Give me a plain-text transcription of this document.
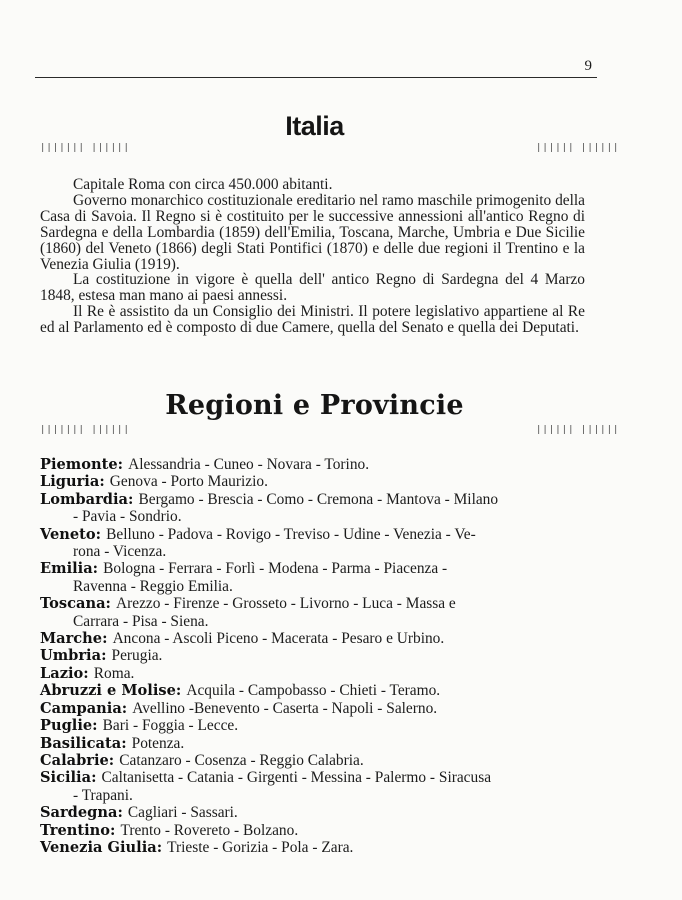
9
Italia
||||||| ||||||	|||||| ||||||

Capitale Roma con circa 450.000 abitanti.

Governo monarchico costituzionale ereditario nel ramo maschile primogenito della Casa di Savoia. Il Regno si è costituito per le successive annessioni all'antico Regno di Sardegna e della Lombardia (1859) dell'Emilia, Toscana, Marche, Umbria e Due Sicilie (1860) del Veneto (1866) degli Stati Pontifici (1870) e delle due regioni il Trentino e la Venezia Giulia (1919).

La costituzione in vigore è quella dell' antico Regno di Sardegna del 4 Marzo 1848, estesa man mano ai paesi annessi.

Il Re è assistito da un Consiglio dei Ministri. Il potere legislativo appartiene al Re ed al Parlamento ed è composto di due Camere, quella del Senato e quella dei Deputati.

Regioni e Provincie
||||||| ||||||	|||||| ||||||
Piemonte: Alessandria - Cuneo - Novara - Torino.
Liguria: Genova - Porto Maurizio.
Lombardia: Bergamo - Brescia - Como - Cremona - Mantova - Milano
- Pavia - Sondrio.
Veneto: Belluno - Padova - Rovigo - Treviso - Udine - Venezia - Ve-
rona - Vicenza.
Emilia: Bologna - Ferrara - Forlì - Modena - Parma - Piacenza -
Ravenna - Reggio Emilia.
Toscana: Arezzo - Firenze - Grosseto - Livorno - Luca - Massa e
Carrara - Pisa - Siena.
Marche: Ancona - Ascoli Piceno - Macerata - Pesaro e Urbino.
Umbria: Perugia.
Lazio: Roma.
Abruzzi e Molise: Acquila - Campobasso - Chieti - Teramo.
Campania: Avellino -Benevento - Caserta - Napoli - Salerno.
Puglie: Bari - Foggia - Lecce.
Basilicata: Potenza.
Calabrie: Catanzaro - Cosenza - Reggio Calabria.
Sicilia: Caltanisetta - Catania - Girgenti - Messina - Palermo - Siracusa
- Trapani.
Sardegna: Cagliari - Sassari.
Trentino: Trento - Rovereto - Bolzano.
Venezia Giulia: Trieste - Gorizia - Pola - Zara.
